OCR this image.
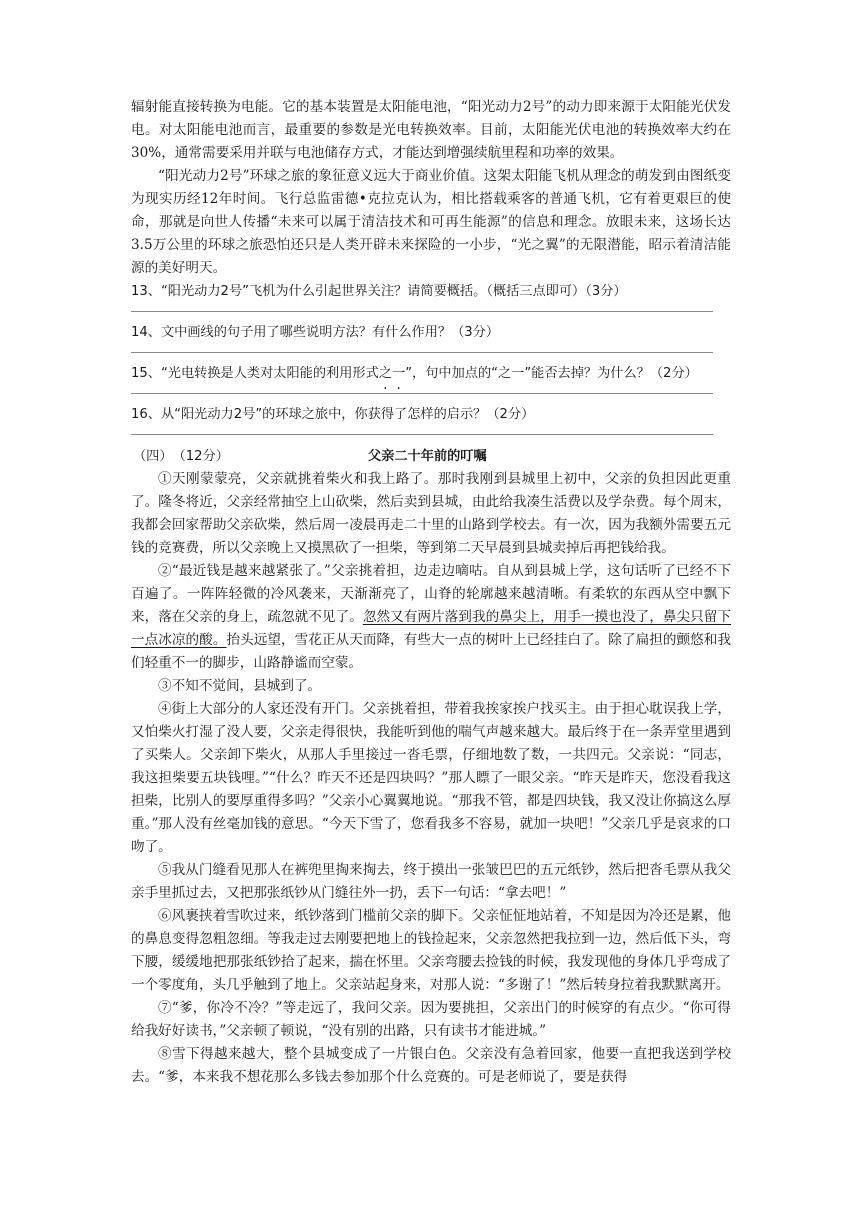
辐射能直接转换为电能。它的基本装置是太阳能电池，“阳光动力2号”的动力即来源于太阳能光伏发电。对太阳能电池而言，最重要的参数是光电转换效率。目前，太阳能光伏电池的转换效率大约在30%，通常需要采用并联与电池储存方式，才能达到增强续航里程和功率的效果。

“阳光动力2号”环球之旅的象征意义远大于商业价值。这架太阳能飞机从理念的萌发到由图纸变为现实历经12年时间。飞行总监雷德•克拉克认为，相比搭载乘客的普通飞机，它有着更艰巨的使命，那就是向世人传播“未来可以属于清洁技术和可再生能源”的信息和理念。放眼未来，这场长达3.5万公里的环球之旅恐怕还只是人类开辟未来探险的一小步，“光之翼”的无限潜能，昭示着清洁能源的美好明天。

13、“阳光动力2号”飞机为什么引起世界关注？请简要概括。（概括三点即可）（3分）

14、文中画线的句子用了哪些说明方法？有什么作用？（3分）

15、“光电转换是人类对太阳能的利用形式之一”，句中加点的“之一”能否去掉？为什么？（2分）

16、从“阳光动力2号”的环球之旅中，你获得了怎样的启示？（2分）

（四）　（12分）	父亲二十年前的叮嘱

①天刚蒙蒙亮，父亲就挑着柴火和我上路了。那时我刚到县城里上初中，父亲的负担因此更重了。隆冬将近，父亲经常抽空上山砍柴，然后卖到县城，由此给我凑生活费以及学杂费。每个周末，我都会回家帮助父亲砍柴，然后周一凌晨再走二十里的山路到学校去。有一次，因为我额外需要五元钱的竞赛费，所以父亲晚上又摸黑砍了一担柴，等到第二天早晨到县城卖掉后再把钱给我。

②“最近钱是越来越紧张了。”父亲挑着担，边走边嘀咕。自从到县城上学，这句话听了已经不下百遍了。一阵阵轻微的冷风袭来，天渐渐亮了，山脊的轮廓越来越清晰。有柔软的东西从空中飘下来，落在父亲的身上，疏忽就不见了。忽然又有两片落到我的鼻尖上，用手一摸也没了，鼻尖只留下一点冰凉的酸。抬头远望，雪花正从天而降，有些大一点的树叶上已经挂白了。除了扁担的颤悠和我们轻重不一的脚步，山路静谧而空蒙。

③不知不觉间，县城到了。

④街上大部分的人家还没有开门。父亲挑着担，带着我挨家挨户找买主。由于担心耽误我上学，又怕柴火打湿了没人要，父亲走得很快，我能听到他的喘气声越来越大。最后终于在一条弄堂里遇到了买柴人。父亲卸下柴火，从那人手里接过一沓毛票，仔细地数了数，一共四元。父亲说：“同志，我这担柴要五块钱哩。”“什么？昨天不还是四块吗？”那人瞟了一眼父亲。“昨天是昨天，您没看我这担柴，比别人的要厚重得多吗？”父亲小心翼翼地说。“那我不管，都是四块钱，我又没让你搞这么厚重。”那人没有丝毫加钱的意思。“今天下雪了，您看我多不容易，就加一块吧！”父亲几乎是哀求的口吻了。

⑤我从门缝看见那人在裤兜里掏来掏去，终于摸出一张皱巴巴的五元纸钞，然后把沓毛票从我父亲手里抓过去，又把那张纸钞从门缝往外一扔，丢下一句话：“拿去吧！”

⑥风裹挟着雪吹过来，纸钞落到门槛前父亲的脚下。父亲怔怔地站着，不知是因为冷还是累，他的鼻息变得忽粗忽细。等我走过去刚要把地上的钱捡起来，父亲忽然把我拉到一边，然后低下头，弯下腰，缓缓地把那张纸钞拾了起来，揣在怀里。父亲弯腰去捡钱的时候，我发现他的身体几乎弯成了一个零度角，头几乎触到了地上。父亲站起身来，对那人说：“多谢了！”然后转身拉着我默默离开。

⑦“爹，你冷不冷？”等走远了，我问父亲。因为要挑担，父亲出门的时候穿的有点少。“你可得给我好好读书，”父亲顿了顿说，“没有别的出路，只有读书才能进城。”

⑧雪下得越来越大，整个县城变成了一片银白色。父亲没有急着回家，他要一直把我送到学校去。“爹，本来我不想花那么多钱去参加那个什么竞赛的。可是老师说了，要是获得
